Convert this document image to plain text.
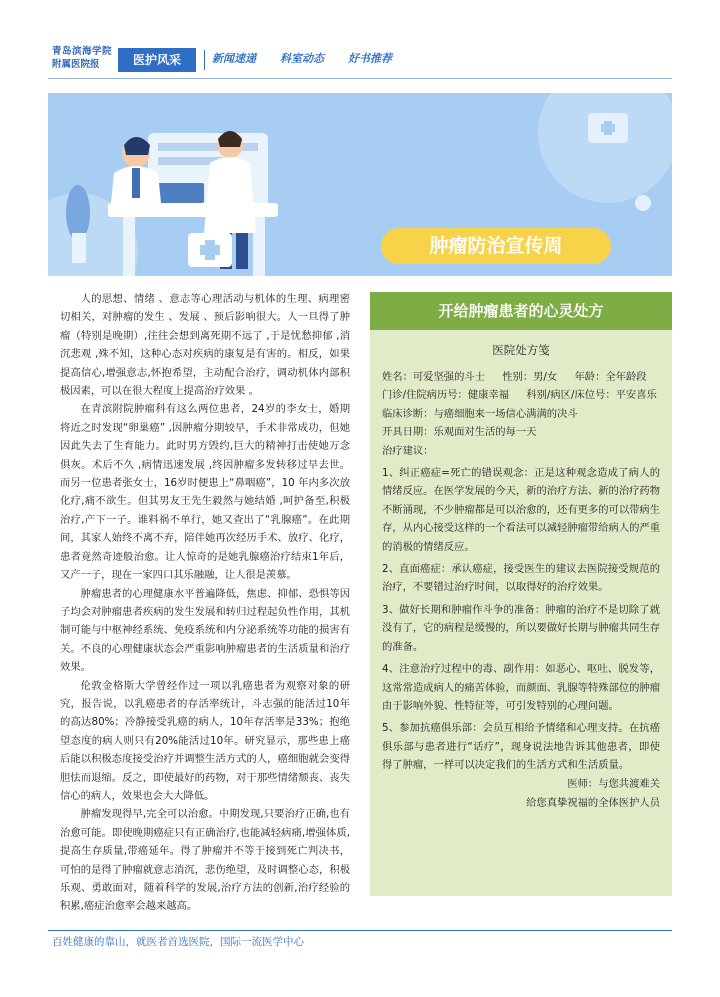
青岛滨海学院
附属医院报	医护风采	新闻速递 科室动态 好书推荐
肿瘤防治宣传周

人的思想、情绪 、意志等心理活动与机体的生理、病理密切相关，对肿瘤的发生 、发展 、预后影响很大。人一旦得了肿瘤（特别是晚期）,往往会想到离死期不远了 ,于是忧愁抑郁 ,消沉悲观 ,殊不知，这种心态对疾病的康复是有害的。相反，如果提高信心,增强意志,怀抱希望，主动配合治疗，调动机体内部积极因素，可以在很大程度上提高治疗效果 。

在青滨附院肿瘤科有这么两位患者，24岁的李女士，婚期将近之时发现“卵巢癌” ,因肿瘤分期较早，手术非常成功，但她因此失去了生育能力。此时男方毁约,巨大的精神打击使她万念俱灰。术后不久 ,病情迅速发展 ,终因肿瘤多发转移过早去世。而另一位患者张女士，16岁时便患上“鼻咽癌”，10 年内多次放化疗,痛不欲生。但其男友王先生毅然与她结婚 ,呵护备至,积极治疗,产下一子。谁料祸不单行，她又查出了“乳腺癌”。在此期间，其家人始终不离不弃，陪伴她再次经历手术、放疗、化疗，患者竟然奇迹般治愈。让人惊奇的是她乳腺癌治疗结束1年后，又产一子，现在一家四口其乐融融，让人很是羡慕。

肿瘤患者的心理健康水平普遍降低，焦虑、抑郁、恐惧等因子均会对肿瘤患者疾病的发生发展和转归过程起负性作用，其机制可能与中枢神经系统、免疫系统和内分泌系统等功能的损害有关。不良的心理健康状态会严重影响肿瘤患者的生活质量和治疗效果。

伦敦金格斯大学曾经作过一项以乳癌患者为观察对象的研究，报告说，以乳癌患者的存活率统计，斗志强的能活过10年的高达80%；冷静接受乳癌的病人，10年存活率是33%；抱绝望态度的病人则只有20%能活过10年。研究显示，那些患上癌后能以积极态度接受治疗并调整生活方式的人，癌细胞就会变得胆怯而退缩。反之，即使最好的药物，对于那些情绪颓丧、丧失信心的病人，效果也会大大降低。

肿瘤发现得早,完全可以治愈。中期发现,只要治疗正确,也有治愈可能。即使晚期癌症只有正确治疗,也能减轻病痛,增强体质,提高生存质量,带癌延年。得了肿瘤并不等于接到死亡判决书，可怕的是得了肿瘤就意志消沉，悲伤绝望，及时调整心态，积极乐观、勇敢面对，随着科学的发展,治疗方法的创新,治疗经验的积累,癌症治愈率会越来越高。

开给肿瘤患者的心灵处方
医院处方笺
姓名：可爱坚强的斗士 性别：男/女 年龄：全年龄段
门诊/住院病历号：健康幸福 科别/病区/床位号：平安喜乐
临床诊断：与癌细胞来一场信心满满的决斗
开具日期：乐观面对生活的每一天
治疗建议：
1、纠正癌症=死亡的错误观念：正是这种观念造成了病人的情绪反应。在医学发展的今天，新的治疗方法、新的治疗药物不断涌现，不少肿瘤都是可以治愈的，还有更多的可以带病生存，从内心接受这样的一个看法可以减轻肿瘤带给病人的严重的消极的情绪反应。
2、直面癌症：承认癌症，接受医生的建议去医院接受规范的治疗，不要错过治疗时间，以取得好的治疗效果。
3、做好长期和肿瘤作斗争的准备：肿瘤的治疗不是切除了就没有了，它的病程是缓慢的，所以要做好长期与肿瘤共同生存的准备。
4、注意治疗过程中的毒、副作用：如恶心、呕吐、脱发等，这常常造成病人的痛苦体验，而颜面、乳腺等特殊部位的肿瘤由于影响外貌、性特征等，可引发特别的心理问题。
5、参加抗癌俱乐部：会员互相给予情绪和心理支持。在抗癌俱乐部与患者进行“话疗”，现身说法地告诉其他患者，即使得了肿瘤，一样可以决定我们的生活方式和生活质量。
医师：与您共渡难关
给您真挚祝福的全体医护人员
百姓健康的靠山，就医者首选医院，国际一流医学中心
